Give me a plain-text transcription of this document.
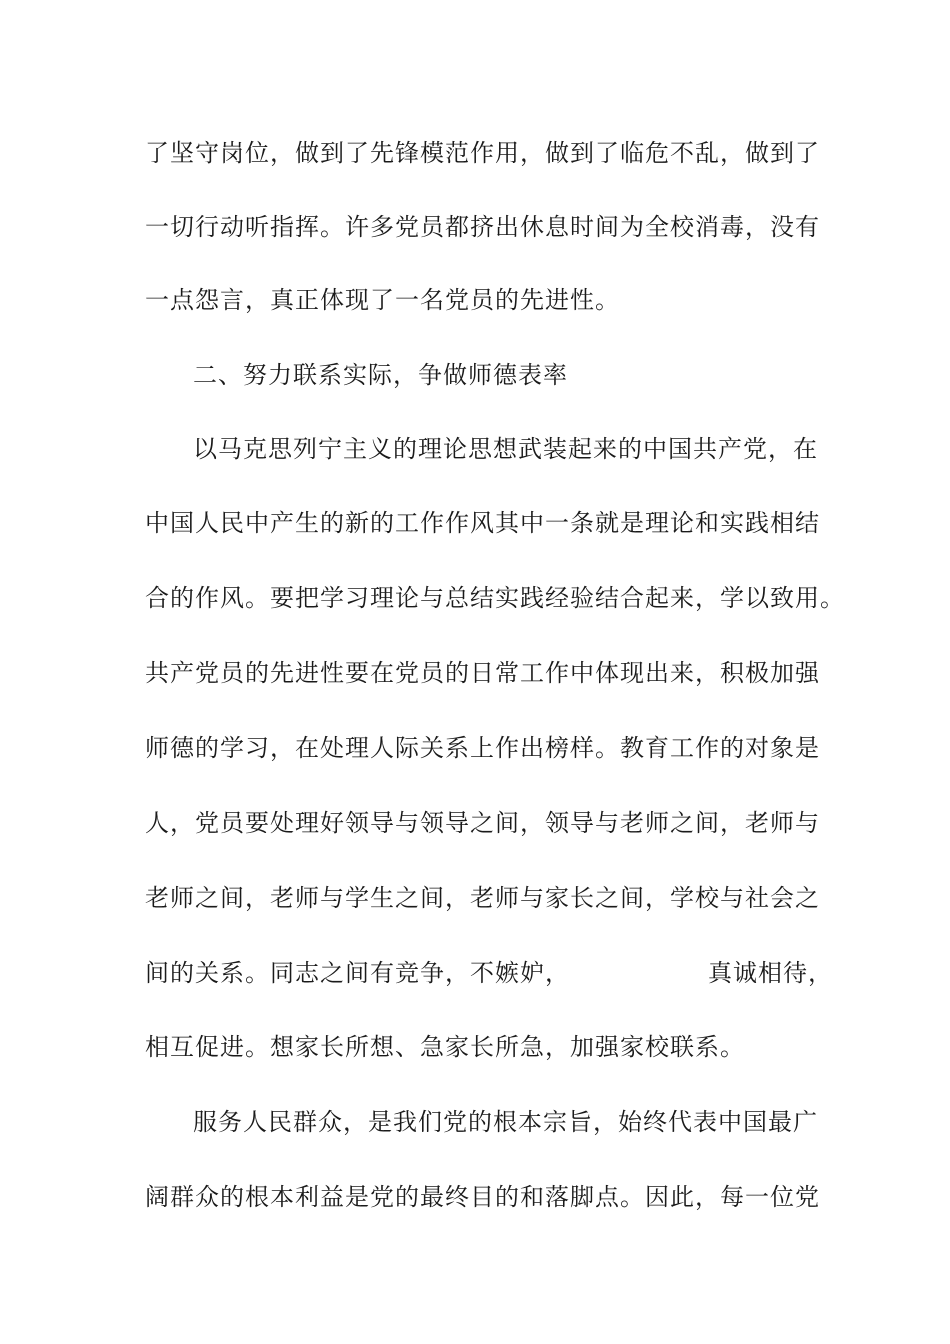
了坚守岗位，做到了先锋模范作用，做到了临危不乱，做到了
一切行动听指挥。许多党员都挤出休息时间为全校消毒，没有
一点怨言，真正体现了一名党员的先进性。
二、努力联系实际，争做师德表率
以马克思列宁主义的理论思想武装起来的中国共产党，在
中国人民中产生的新的工作作风其中一条就是理论和实践相结
合的作风。要把学习理论与总结实践经验结合起来，学以致用。
共产党员的先进性要在党员的日常工作中体现出来，积极加强
师德的学习，在处理人际关系上作出榜样。教育工作的对象是
人，党员要处理好领导与领导之间，领导与老师之间，老师与
老师之间，老师与学生之间，老师与家长之间，学校与社会之
间的关系。同志之间有竞争，不嫉妒，	真诚相待，
相互促进。想家长所想、急家长所急，加强家校联系。
服务人民群众，是我们党的根本宗旨，始终代表中国最广
阔群众的根本利益是党的最终目的和落脚点。因此，每一位党
